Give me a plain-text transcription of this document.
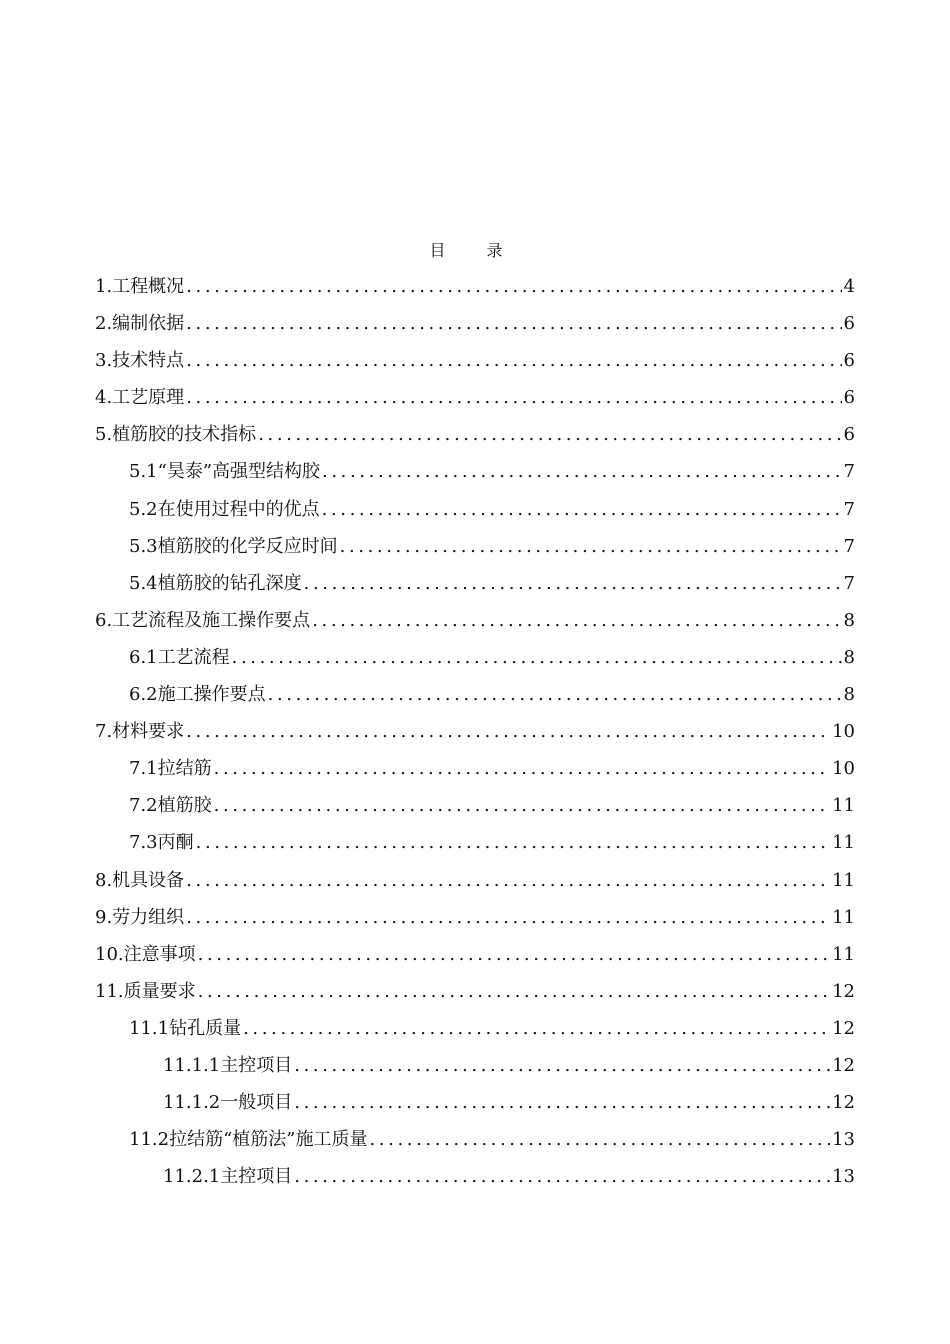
目 录
1.工程概况 .....	4
2.编制依据 .....	6
3.技术特点 .....	6
4.工艺原理 .....	6
5.植筋胶的技术指标 .....	6
5.1“昊泰”高强型结构胶 .....	7
5.2在使用过程中的优点 .....	7
5.3植筋胶的化学反应时间 .....	7
5.4植筋胶的钻孔深度 .....	7
6.工艺流程及施工操作要点 .....	8
6.1工艺流程 .....	8
6.2施工操作要点 .....	8
7.材料要求 .....	10
7.1拉结筋 .....	10
7.2植筋胶 .....	11
7.3丙酮 .....	11
8.机具设备 .....	11
9.劳力组织 .....	11
10.注意事项 .....	11
11.质量要求 .....	12
11.1钻孔质量 .....	12
11.1.1主控项目 .....	12
11.1.2一般项目 .....	12
11.2拉结筋“植筋法”施工质量 .....	13
11.2.1主控项目 .....	13
